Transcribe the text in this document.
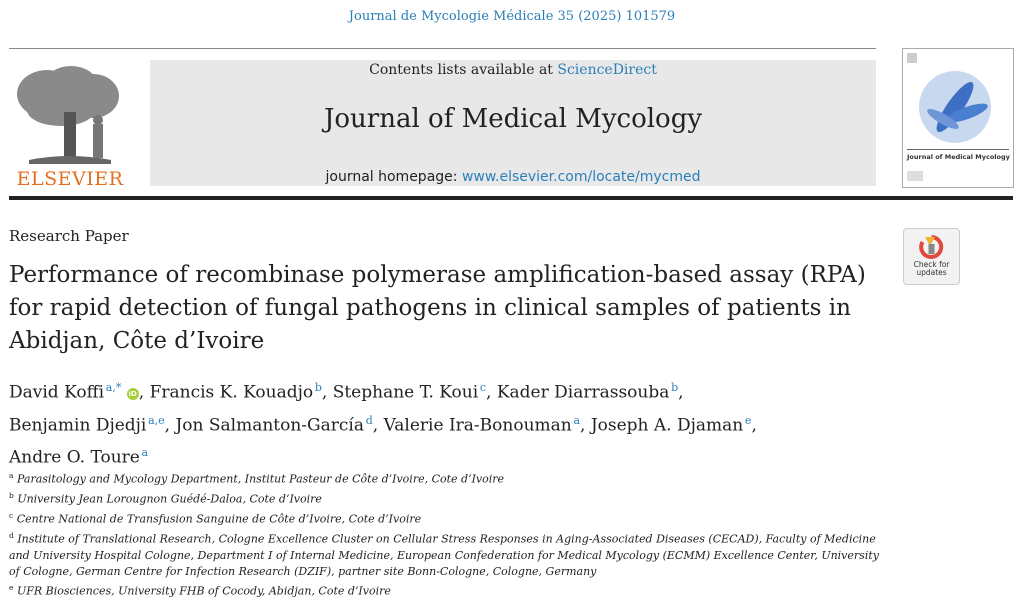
Journal de Mycologie Médicale 35 (2025) 101579
ELSEVIER
Contents lists available at ScienceDirect
Journal of Medical Mycology
journal homepage: www.elsevier.com/locate/mycmed
Journal of Medical Mycology
Research Paper
Performance of recombinase polymerase amplification-based assay (RPA) for rapid detection of fungal pathogens in clinical samples of patients in Abidjan, Côte d’Ivoire
Check for
updates
David Koffi  $^{a,*}$ iD , Francis K. Kouadjo  $^b$, Stephane T. Koui  $^c$, Kader Diarrassouba  $^b$,
Benjamin Djedji  $^{a,e}$, Jon Salmanton-García  $^d$, Valerie Ira-Bonouman  $^a$, Joseph A. Djaman  $^e$,
Andre O. Toure  $^a$

$^a$ Parasitology and Mycology Department, Institut Pasteur de Côte d’Ivoire, Cote d’Ivoire

$^b$ University Jean Lorougnon Guédé-Daloa, Cote d’Ivoire

$^c$ Centre National de Transfusion Sanguine de Côte d’Ivoire, Cote d’Ivoire

$^d$ Institute of Translational Research, Cologne Excellence Cluster on Cellular Stress Responses in Aging-Associated Diseases (CECAD), Faculty of Medicine and University Hospital Cologne, Department I of Internal Medicine, European Confederation for Medical Mycology (ECMM) Excellence Center, University of Cologne, German Centre for Infection Research (DZIF), partner site Bonn-Cologne, Cologne, Germany

$^e$ UFR Biosciences, University FHB of Cocody, Abidjan, Cote d’Ivoire
